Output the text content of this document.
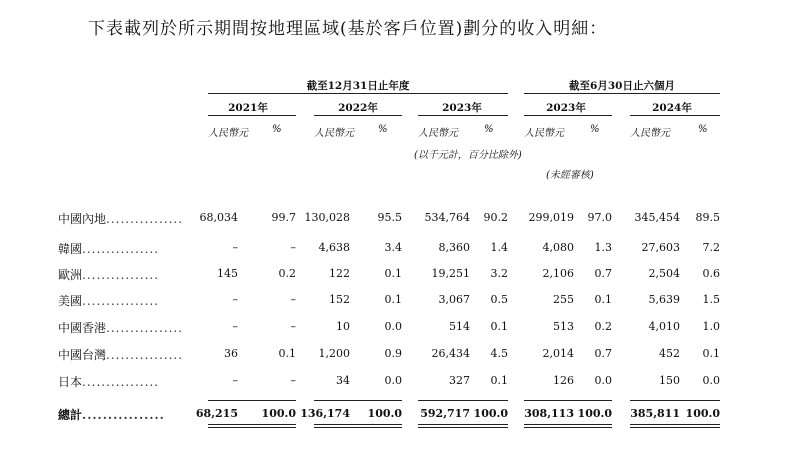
下表載列於所示期間按地理區域(基於客戶位置)劃分的收入明細：
截至12月31日止年度	截至6月30日止六個月
2021年	2022年	2023年	2023年	2024年
人民幣元 %	人民幣元 %	人民幣元	%	人民幣元	%	人民幣元	%
(以千元計，百分比除外)
(未經審核)
中國內地................ 68,034	99.7 130,028	95.5 534,764 90.2 299,019 97.0 345,454 89.5
韓國................	–	– 4,638	3.4	8,360 1.4	4,080 1.3	27,603 7.2
歐洲................	145	0.2	122	0.1	19,251 3.2	2,106 0.7	2,504 0.6
美國................	–	–	152	0.1	3,067 0.5	255 0.1	5,639 1.5
中國香港................	–	–	10	0.0	514 0.1	513 0.2	4,010 1.0
中國台灣................	36	0.1 1,200	0.9	26,434 4.5	2,014 0.7	452 0.1
日本................	–	–	34	0.0	327 0.1	126 0.0	150 0.0
總計................	68,215 100.0 136,174 100.0 592,717 100.0 308,113 100.0 385,811 100.0
